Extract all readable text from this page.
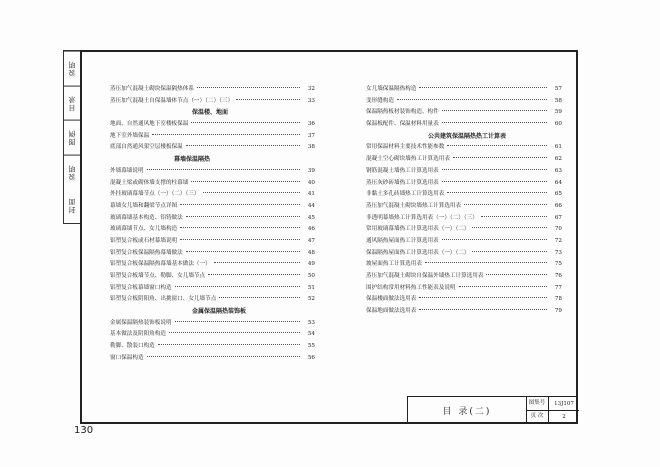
说明
目录
图例
说明
封面
蒸压加气混凝土砌块保温隔热体系	32
蒸压加气混凝土自保温墙体节点（一）（二）（三）	33
保温楼、地面
地面、自然通风地下室楼板保温	36
地下室外墙保温	37
底部自然通风架空层楼板保温	38
幕墙保温隔热
外墙幕墙说明	39
混凝土梁或砌体墙支撑的柱幕墙	40
外挂玻璃幕墙节点（一）（二）（三）	41
幕墙女儿墙和翻梁节点详图	44
玻璃幕墙基本构造、铝铸做法	45
玻璃幕墙节点、女儿墙构造	46
铝塑复合板或石材幕墙说明	47
铝塑复合板保温隔热幕墙做法	48
铝塑复合板保温隔热幕墙基本做法（一）	49
铝塑复合板墙节点、勒脚、女儿墙节点	50
铝塑复合板幕墙窗口构造	51
铝塑复合板阴阳角、出挑窗口、女儿墙节点	52
金属保温隔热装饰板
金属保温隔热装饰板说明	53
基本做法及阴阳角构造	54
勒脚、散装口构造	55
窗口保温构造	56
女儿墙保温隔热构造	57
变形缝构造	58
保温隔热板材装饰构造、构件	59
保温板配件、保温材料用量表	60
公共建筑保温隔热热工计算表
常用保温材料主要技术性能参数	61
混凝土空心砌块墙热工计算选用表	62
钢筋混凝土墙热工计算选用表	63
蒸压灰砂砖墙热工计算选用表	64
非黏土多孔砖墙热工计算选用表	65
蒸压加气混凝土砌块墙热工计算选用表	66
非透明幕墙热工计算选用表（一）（二）（三）	67
常用玻璃幕墙热工计算选用表（一）（二）	70
通风隔热屋面热工计算选用表	72
保温隔热屋面热工计算选用表（一）（二）	73
坡屋面热工计算选用表	75
蒸压加气混凝土砌块自保温外墙热工计算选用表	76
围护结构常用材料热工性能表及说明	77
保温楼面做法选用表	78
保温地面做法选用表	79
目 录(二)
图集号	13J107
页 次	2
130
